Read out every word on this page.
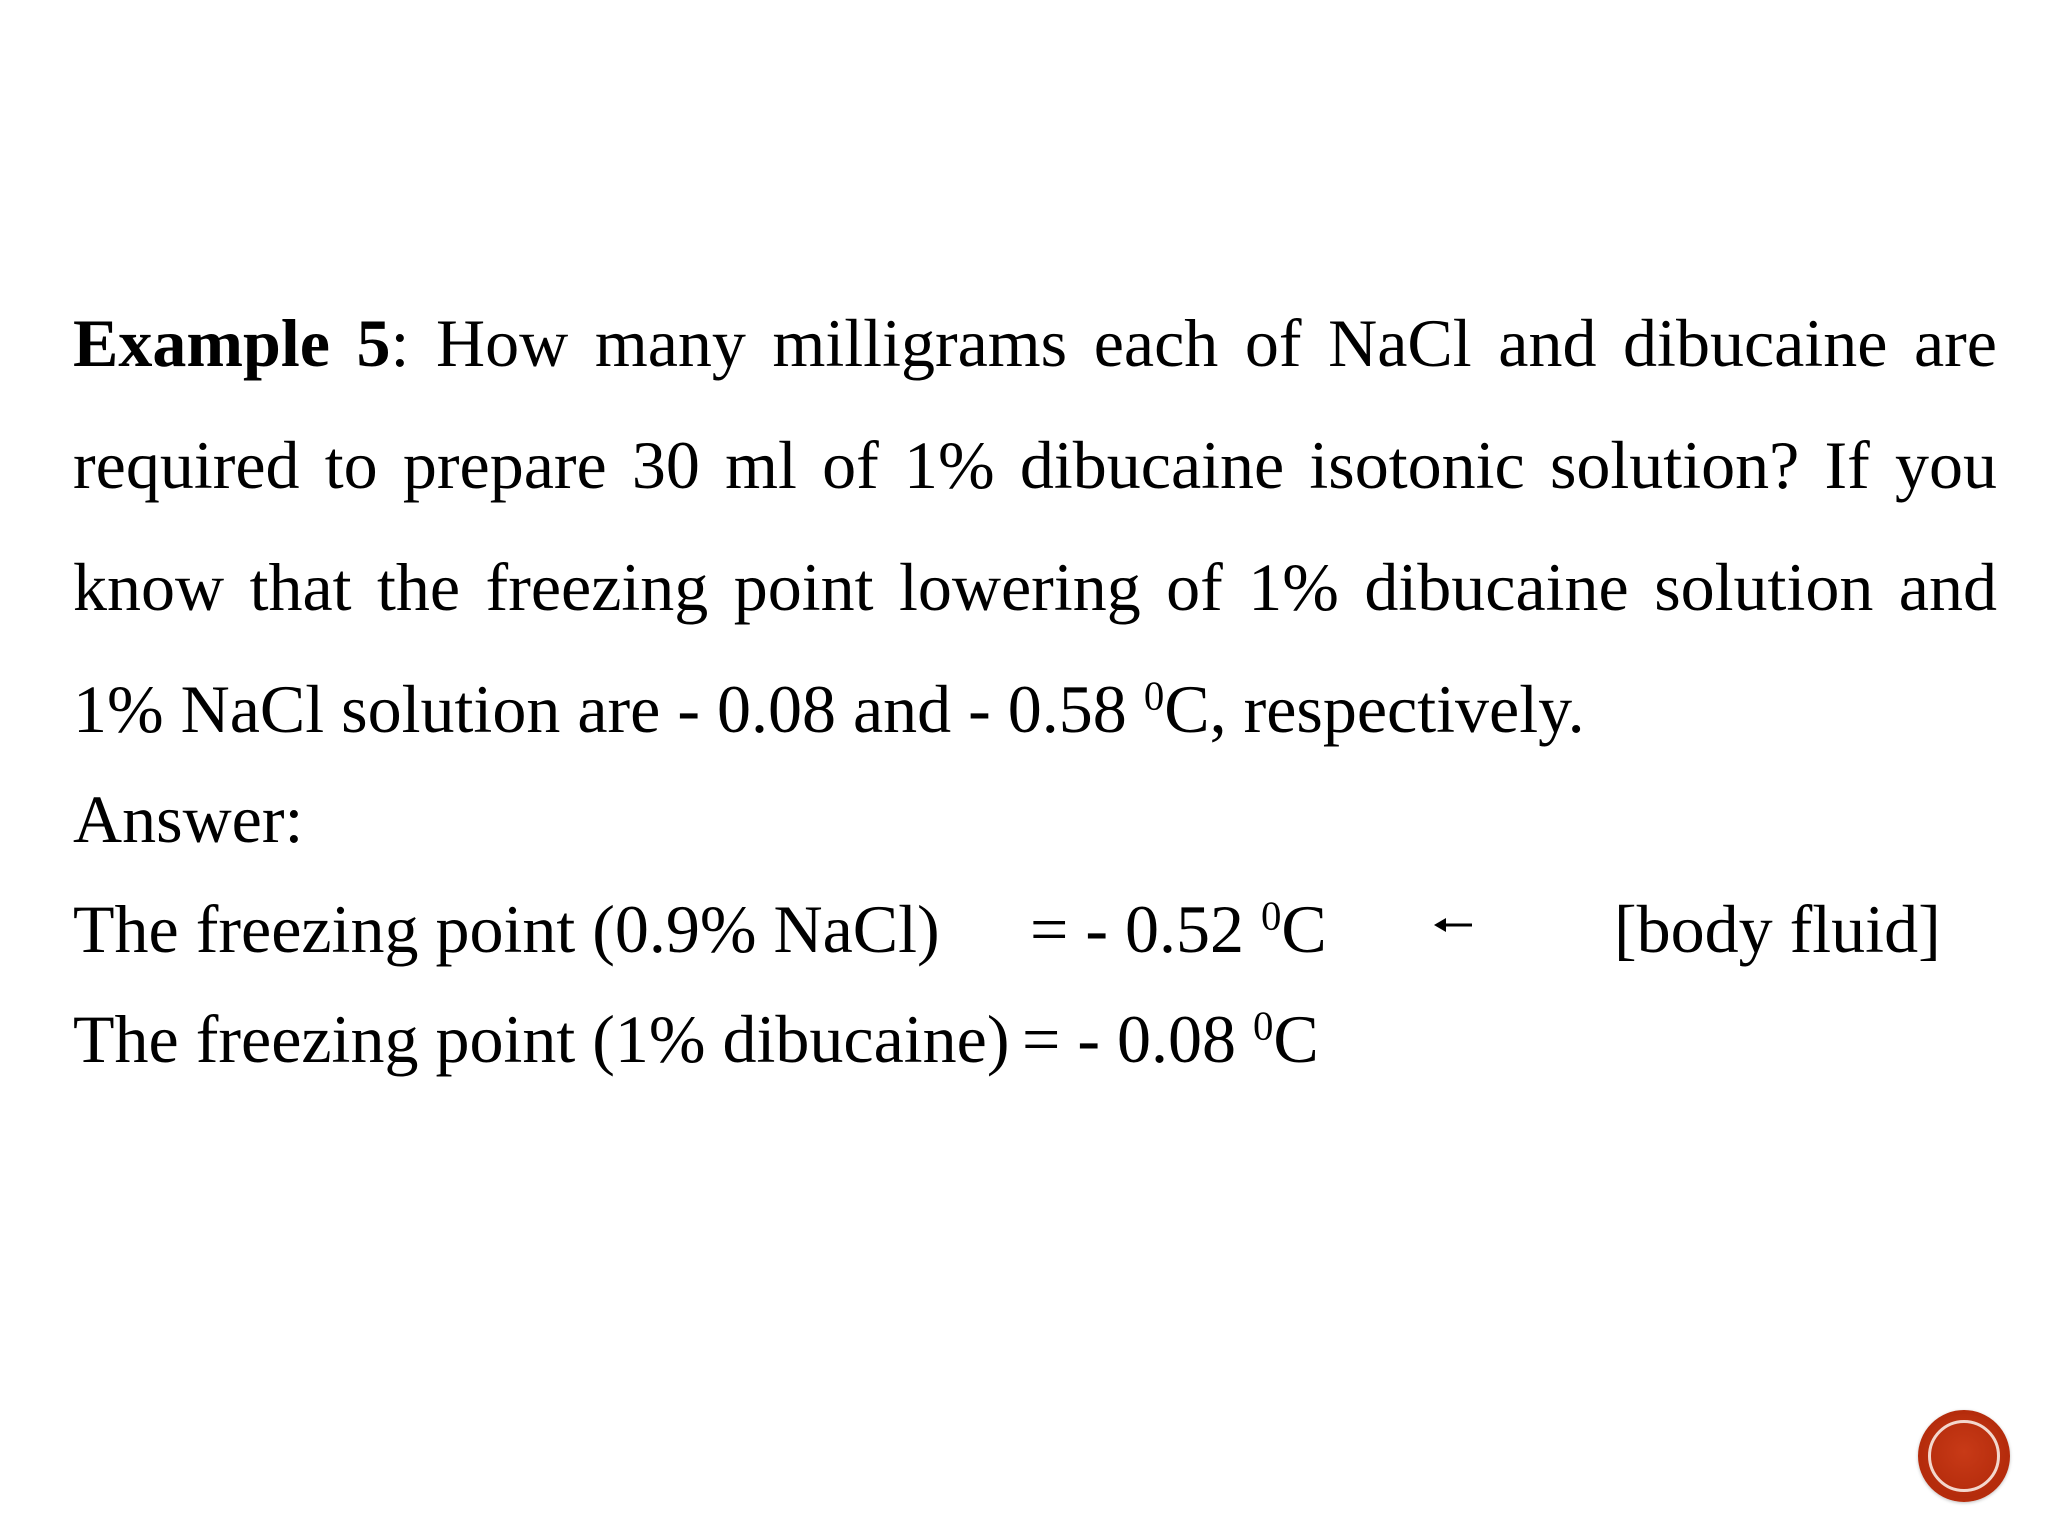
Example 5: How many milligrams each of NaCl and dibucaine are required to prepare 30 ml of 1% dibucaine isotonic solution? If you know that the freezing point lowering of 1% dibucaine solution and 1% NaCl solution are - 0.08 and - 0.58 $^0$C, respectively.

Answer:
The freezing point (0.9% NaCl) = - 0.52 $^0$C	[body fluid]
The freezing point (1% dibucaine) = - 0.08 $^0$C
